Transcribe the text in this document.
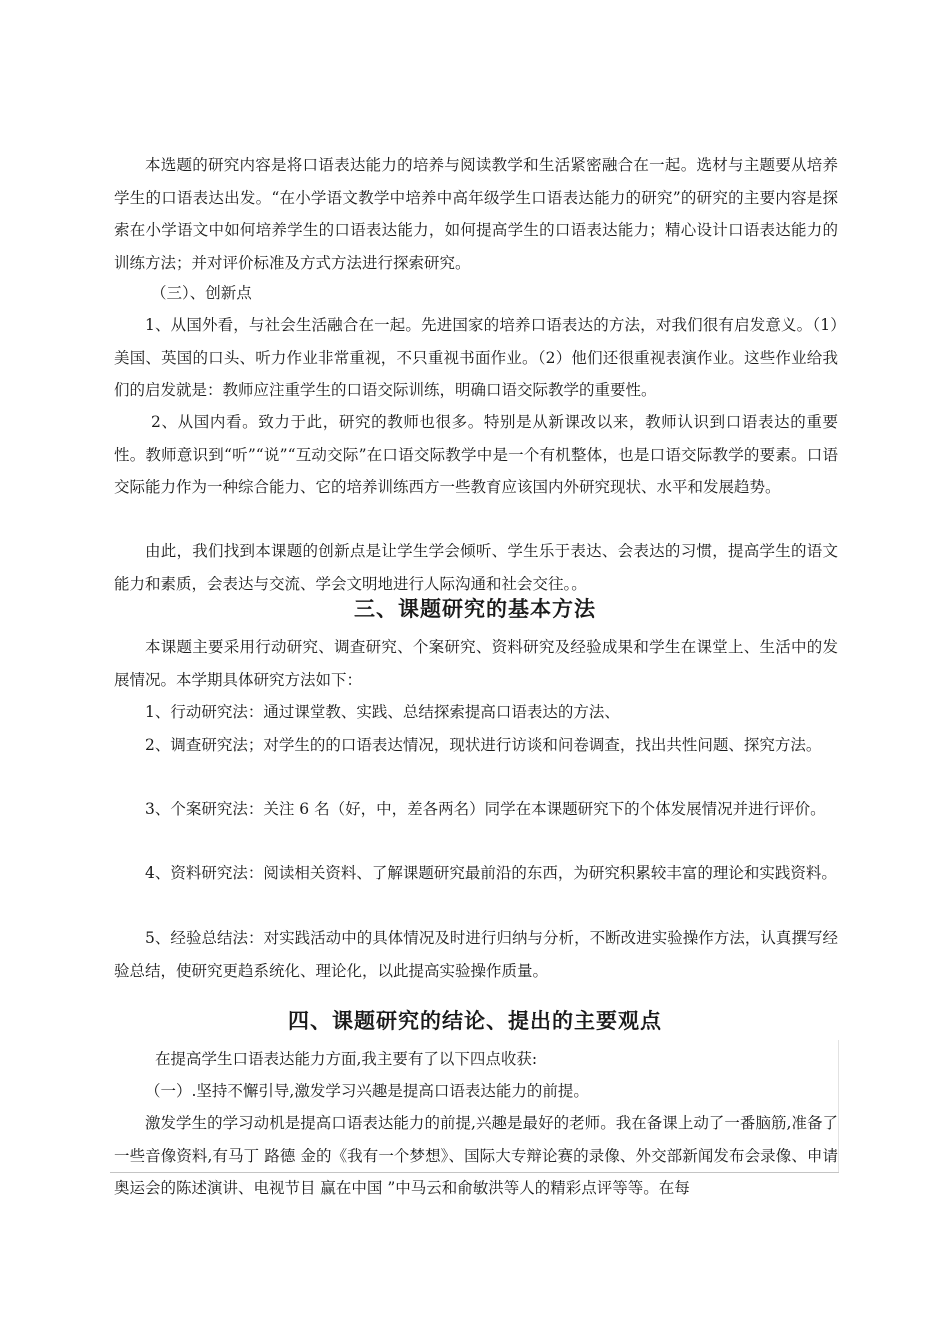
本选题的研究内容是将口语表达能力的培养与阅读教学和生活紧密融合在一起。选材与主题要从培养学生的口语表达出发。“在小学语文教学中培养中高年级学生口语表达能力的研究”的研究的主要内容是探索在小学语文中如何培养学生的口语表达能力，如何提高学生的口语表达能力；精心设计口语表达能力的训练方法；并对评价标准及方式方法进行探索研究。

（三）、创新点

1、从国外看，与社会生活融合在一起。先进国家的培养口语表达的方法，对我们很有启发意义。（1）美国、英国的口头、听力作业非常重视，不只重视书面作业。（2）他们还很重视表演作业。这些作业给我们的启发就是：教师应注重学生的口语交际训练，明确口语交际教学的重要性。

2、从国内看。致力于此，研究的教师也很多。特别是从新课改以来，教师认识到口语表达的重要性。教师意识到“听”“说”“互动交际”在口语交际教学中是一个有机整体，也是口语交际教学的要素。口语交际能力作为一种综合能力、它的培养训练西方一些教育应该国内外研究现状、水平和发展趋势。

由此，我们找到本课题的创新点是让学生学会倾听、学生乐于表达、会表达的习惯，提高学生的语文能力和素质，会表达与交流、学会文明地进行人际沟通和社会交往。。

三、课题研究的基本方法

本课题主要采用行动研究、调查研究、个案研究、资料研究及经验成果和学生在课堂上、生活中的发展情况。本学期具体研究方法如下：

1、行动研究法：通过课堂教、实践、总结探索提高口语表达的方法、

2、调查研究法；对学生的的口语表达情况，现状进行访谈和问卷调查，找出共性问题、探究方法。

3、个案研究法：关注 6 名（好，中，差各两名）同学在本课题研究下的个体发展情况并进行评价。

4、资料研究法：阅读相关资料、了解课题研究最前沿的东西，为研究积累较丰富的理论和实践资料。

5、经验总结法：对实践活动中的具体情况及时进行归纳与分析，不断改进实验操作方法，认真撰写经验总结，使研究更趋系统化、理论化，以此提高实验操作质量。

四、课题研究的结论、提出的主要观点

在提高学生口语表达能力方面,我主要有了以下四点收获:

（一）.坚持不懈引导,激发学习兴趣是提高口语表达能力的前提。

激发学生的学习动机是提高口语表达能力的前提,兴趣是最好的老师。我在备课上动了一番脑筋,准备了一些音像资料,有马丁 路德 金的《我有一个梦想》、国际大专辩论赛的录像、外交部新闻发布会录像、申请奥运会的陈述演讲、电视节目 赢在中国 ”中马云和俞敏洪等人的精彩点评等等。在每
